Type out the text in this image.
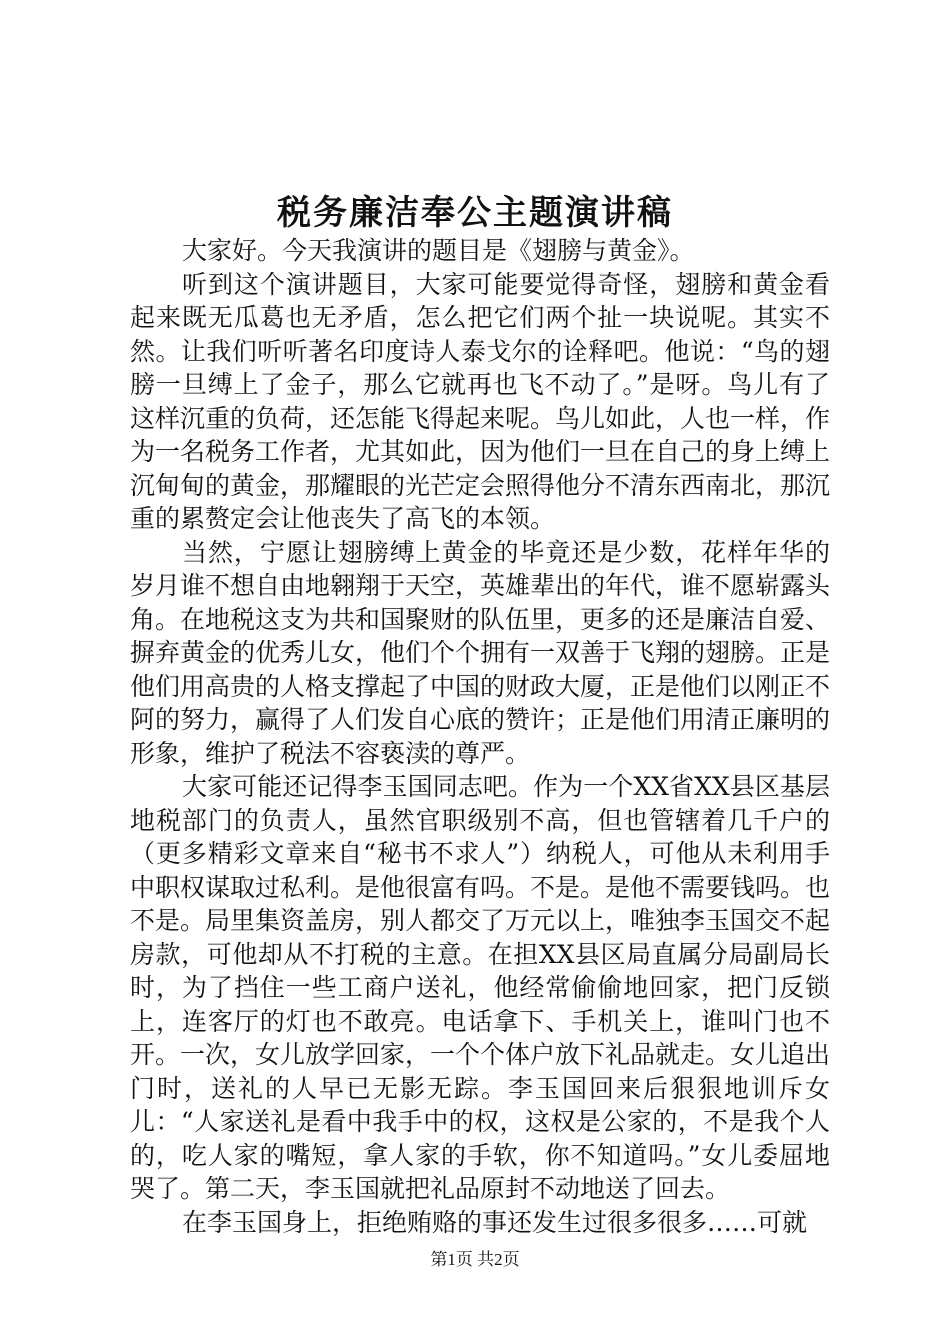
税务廉洁奉公主题演讲稿

大家好。今天我演讲的题目是《翅膀与黄金》。

听到这个演讲题目，大家可能要觉得奇怪，翅膀和黄金看起来既无瓜葛也无矛盾，怎么把它们两个扯一块说呢。其实不然。让我们听听著名印度诗人泰戈尔的诠释吧。他说：“鸟的翅膀一旦缚上了金子，那么它就再也飞不动了。”是呀。鸟儿有了这样沉重的负荷，还怎能飞得起来呢。鸟儿如此，人也一样，作为一名税务工作者，尤其如此，因为他们一旦在自己的身上缚上沉甸甸的黄金，那耀眼的光芒定会照得他分不清东西南北，那沉重的累赘定会让他丧失了高飞的本领。

当然，宁愿让翅膀缚上黄金的毕竟还是少数，花样年华的岁月谁不想自由地翱翔于天空，英雄辈出的年代，谁不愿崭露头角。在地税这支为共和国聚财的队伍里，更多的还是廉洁自爱、摒弃黄金的优秀儿女，他们个个拥有一双善于飞翔的翅膀。正是他们用高贵的人格支撑起了中国的财政大厦，正是他们以刚正不阿的努力，赢得了人们发自心底的赞许；正是他们用清正廉明的形象，维护了税法不容亵渎的尊严。

大家可能还记得李玉国同志吧。作为一个XX省XX县区基层地税部门的负责人，虽然官职级别不高，但也管辖着几千户的（更多精彩文章来自“秘书不求人”）纳税人，可他从未利用手中职权谋取过私利。是他很富有吗。不是。是他不需要钱吗。也不是。局里集资盖房，别人都交了万元以上，唯独李玉国交不起房款，可他却从不打税的主意。在担XX县区局直属分局副局长时，为了挡住一些工商户送礼，他经常偷偷地回家，把门反锁上，连客厅的灯也不敢亮。电话拿下、手机关上，谁叫门也不开。一次，女儿放学回家，一个个体户放下礼品就走。女儿追出门时，送礼的人早已无影无踪。李玉国回来后狠狠地训斥女儿：“人家送礼是看中我手中的权，这权是公家的，不是我个人的，吃人家的嘴短，拿人家的手软，你不知道吗。”女儿委屈地哭了。第二天，李玉国就把礼品原封不动地送了回去。

在李玉国身上，拒绝贿赂的事还发生过很多很多……可就

第1页 共2页
